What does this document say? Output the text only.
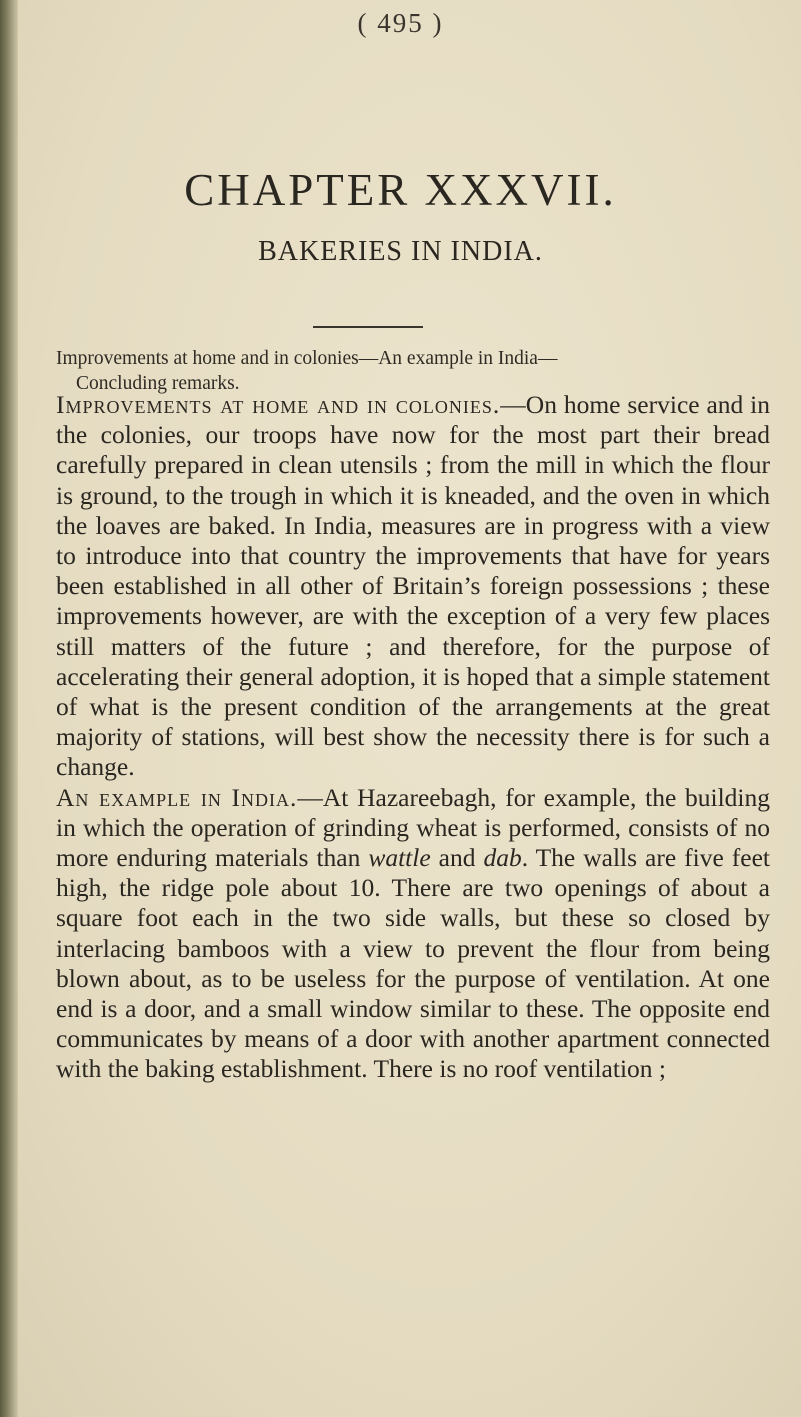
( 495 )
CHAPTER XXXVII.
BAKERIES IN INDIA.
Improvements at home and in colonies—An example in India—
Concluding remarks.

Improvements at home and in colonies.—On home service and in the colonies, our troops have now for the most part their bread carefully prepared in clean utensils ; from the mill in which the flour is ground, to the trough in which it is kneaded, and the oven in which the loaves are baked. In India, measures are in progress with a view to introduce into that country the improvements that have for years been established in all other of Britain’s foreign possessions ; these improvements however, are with the exception of a very few places still matters of the future ; and therefore, for the purpose of accelerating their general adoption, it is hoped that a simple statement of what is the present condition of the arrangements at the great majority of stations, will best show the necessity there is for such a change.

An example in India.—At Hazareebagh, for example, the building in which the operation of grinding wheat is performed, consists of no more enduring materials than wattle and dab. The walls are five feet high, the ridge pole about 10. There are two openings of about a square foot each in the two side walls, but these so closed by interlacing bamboos with a view to prevent the flour from being blown about, as to be useless for the purpose of ventilation. At one end is a door, and a small window similar to these. The opposite end communicates by means of a door with another apartment connected with the baking establishment. There is no roof ventilation ;
